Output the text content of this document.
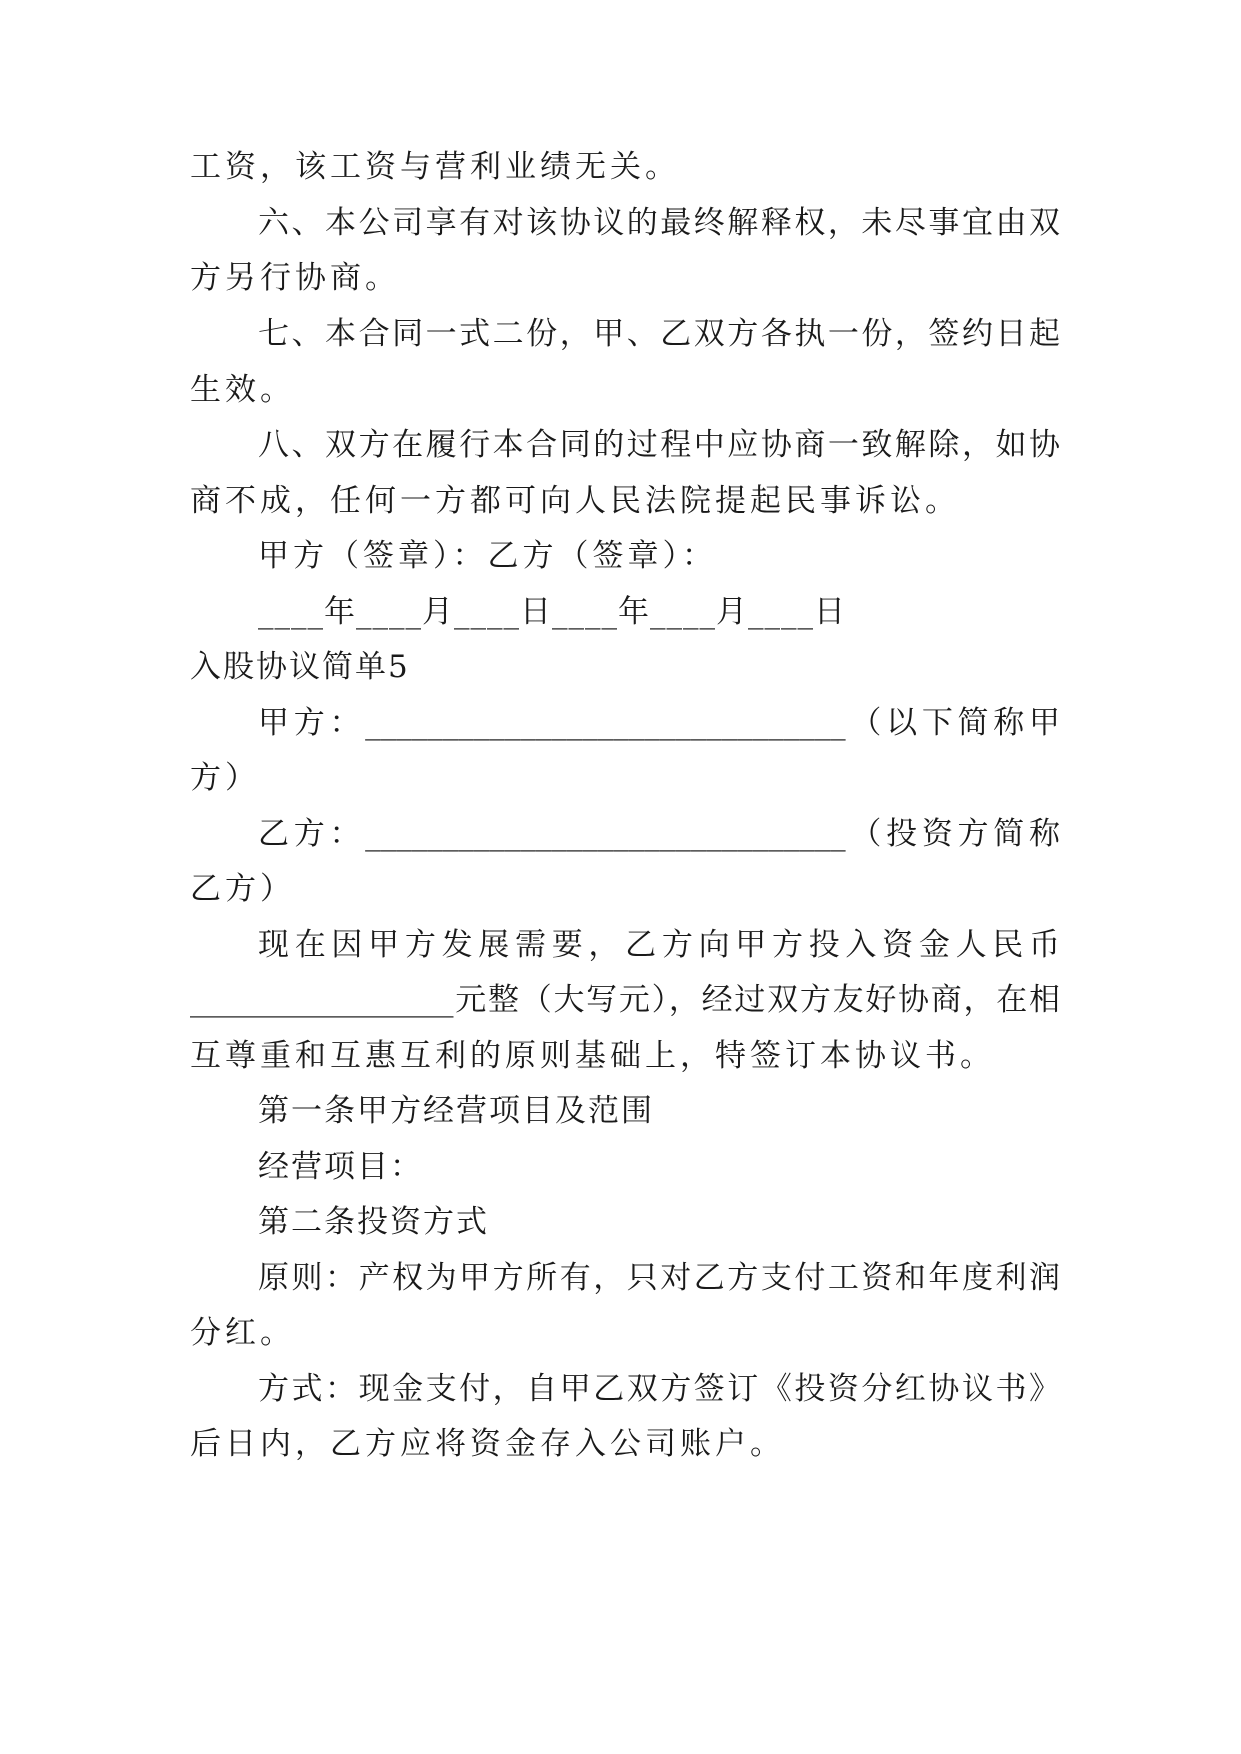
工资，该工资与营利业绩无关。
六、本公司享有对该协议的最终解释权，未尽事宜由双
方另行协商。
七、本合同一式二份，甲、乙双方各执一份，签约日起
生效。
八、双方在履行本合同的过程中应协商一致解除，如协
商不成，任何一方都可向人民法院提起民事诉讼。
甲方（签章）：乙方（签章）：
____年____月____日____年____月____日
入股协议简单5
甲方：_______________________________（以下简称甲
方）
乙方：_______________________________（投资方简称
乙方）
现在因甲方发展需要，乙方向甲方投入资金人民币
_________________元整（大写元），经过双方友好协商，在相
互尊重和互惠互利的原则基础上，特签订本协议书。
第一条甲方经营项目及范围
经营项目：
第二条投资方式
原则：产权为甲方所有，只对乙方支付工资和年度利润
分红。
方式：现金支付，自甲乙双方签订《投资分红协议书》
后日内，乙方应将资金存入公司账户。
